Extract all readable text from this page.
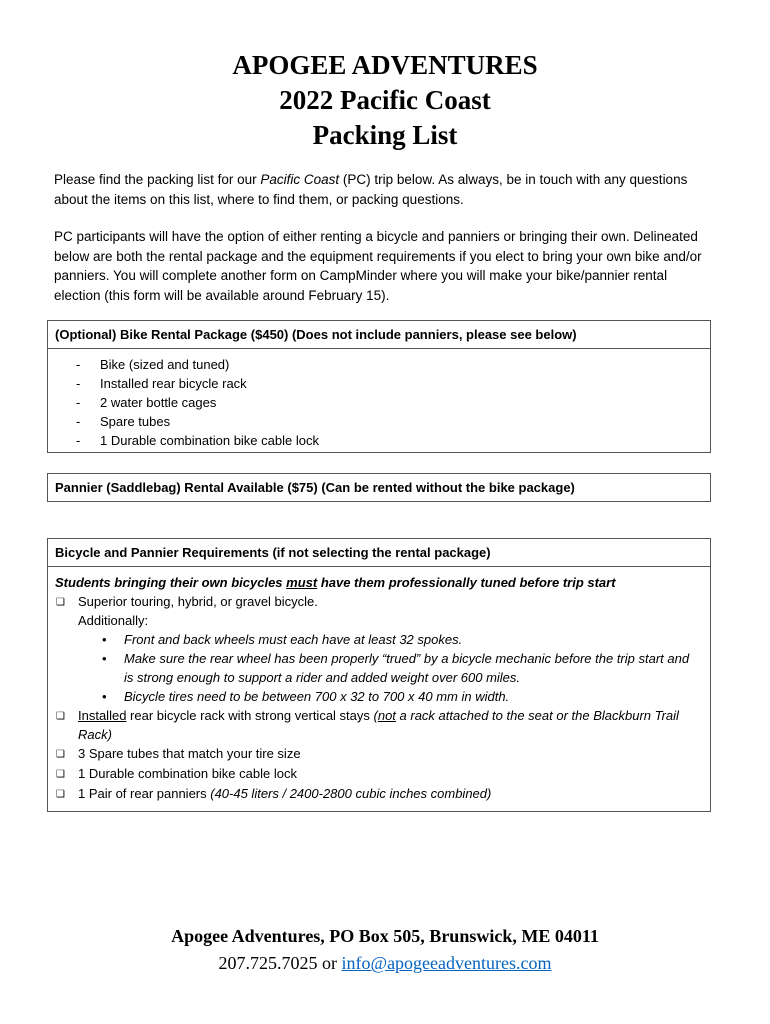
APOGEE ADVENTURES
2022 Pacific Coast
Packing List
Please find the packing list for our Pacific Coast (PC) trip below. As always, be in touch with any questions about the items on this list, where to find them, or packing questions.
PC participants will have the option of either renting a bicycle and panniers or bringing their own. Delineated below are both the rental package and the equipment requirements if you elect to bring your own bike and/or panniers. You will complete another form on CampMinder where you will make your bike/pannier rental election (this form will be available around February 15).
(Optional) Bike Rental Package ($450) (Does not include panniers, please see below)
-	Bike (sized and tuned)
-	Installed rear bicycle rack
-	2 water bottle cages
-	Spare tubes
-	1 Durable combination bike cable lock
Pannier (Saddlebag) Rental Available ($75) (Can be rented without the bike package)
Bicycle and Pannier Requirements (if not selecting the rental package)
Students bringing their own bicycles must have them professionally tuned before trip start
❑	Superior touring, hybrid, or gravel bicycle.
Additionally:
•	Front and back wheels must each have at least 32 spokes.
•	Make sure the rear wheel has been properly “trued” by a bicycle mechanic before the trip start and is strong enough to support a rider and added weight over 600 miles.
•	Bicycle tires need to be between 700 x 32 to 700 x 40 mm in width.
❑	Installed rear bicycle rack with strong vertical stays (not a rack attached to the seat or the Blackburn Trail Rack)
❑	3 Spare tubes that match your tire size
❑	1 Durable combination bike cable lock
❑	1 Pair of rear panniers (40-45 liters / 2400-2800 cubic inches combined)
Apogee Adventures, PO Box 505, Brunswick, ME 04011
207.725.7025 or info@apogeeadventures.com
